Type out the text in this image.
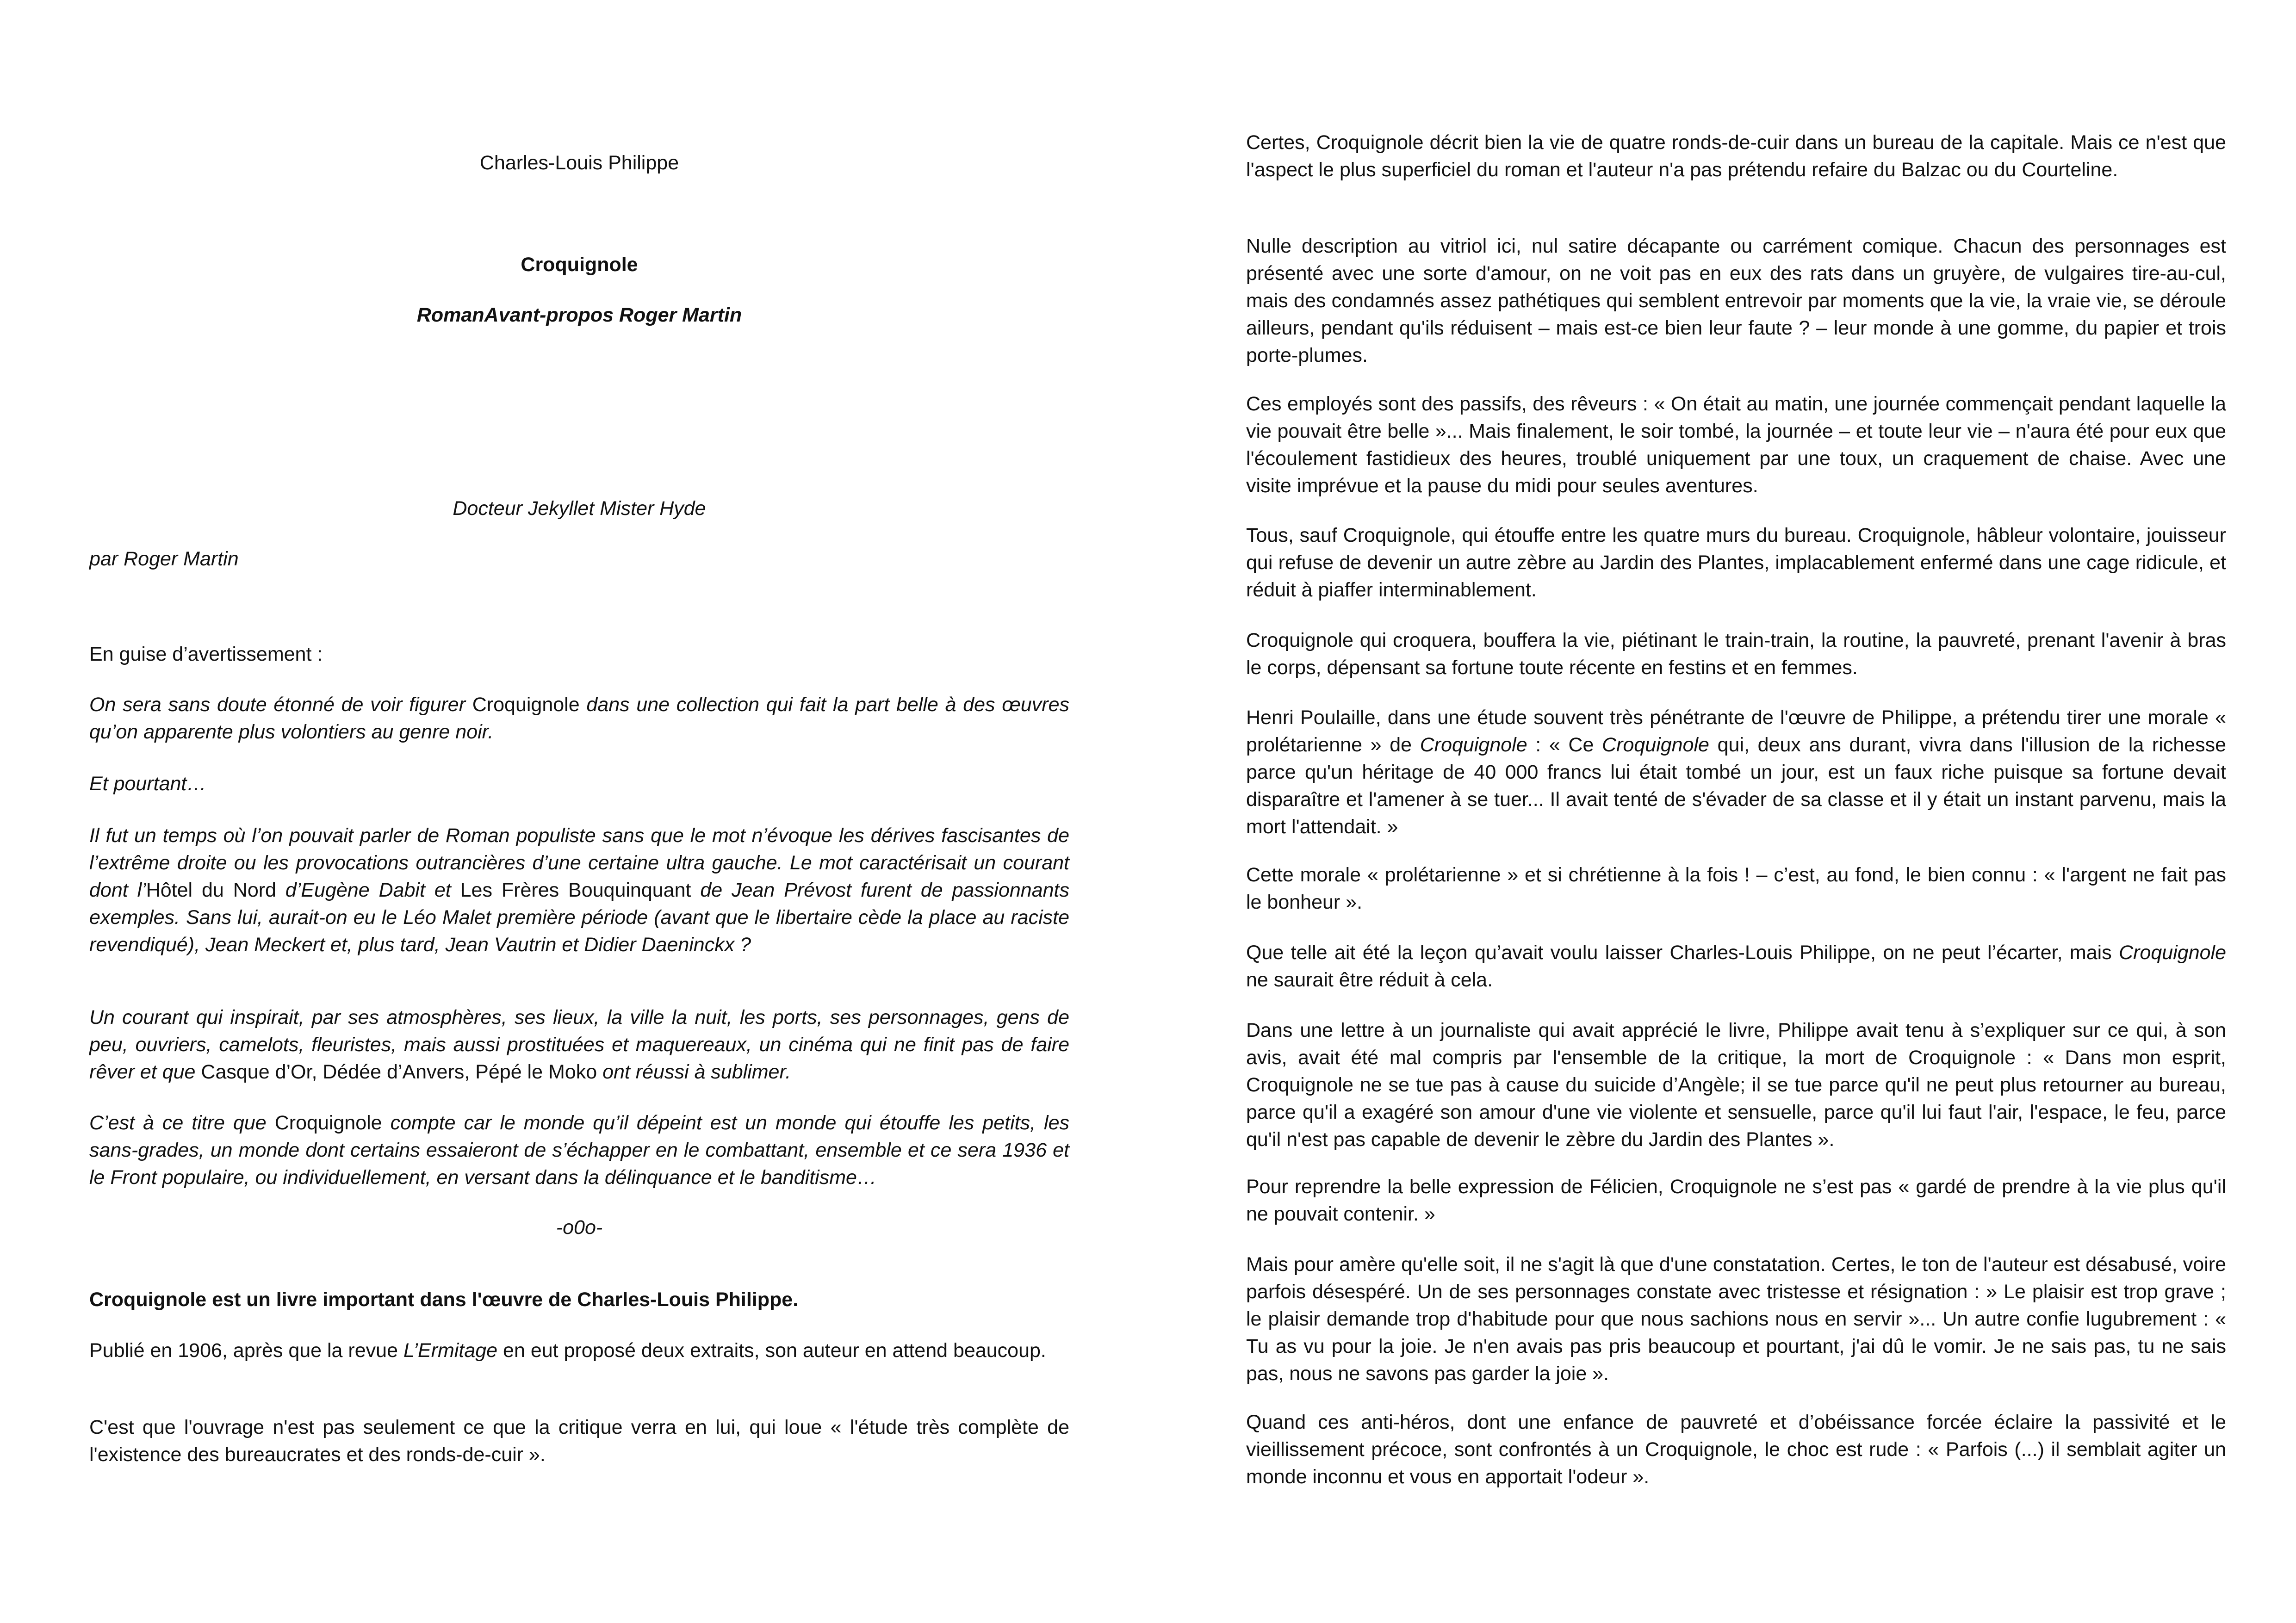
Charles-Louis Philippe

Croquignole

RomanAvant-propos Roger Martin

Docteur Jekyllet Mister Hyde

par Roger Martin

En guise d’avertissement :

On sera sans doute étonné de voir figurer Croquignole dans une collection qui fait la part belle à des œuvres qu’on apparente plus volontiers au genre noir.

Et pourtant…

Il fut un temps où l’on pouvait parler de Roman populiste sans que le mot n’évoque les dérives fascisantes de l’extrême droite ou les provocations outrancières d’une certaine ultra gauche. Le mot caractérisait un courant dont l’Hôtel du Nord d’Eugène Dabit et Les Frères Bouquinquant de Jean Prévost furent de passionnants exemples. Sans lui, aurait-on eu le Léo Malet première période (avant que le libertaire cède la place au raciste revendiqué), Jean Meckert et, plus tard, Jean Vautrin et Didier Daeninckx ?

Un courant qui inspirait, par ses atmosphères, ses lieux, la ville la nuit, les ports, ses personnages, gens de peu, ouvriers, camelots, fleuristes, mais aussi prostituées et maquereaux, un cinéma qui ne finit pas de faire rêver et que Casque d’Or, Dédée d’Anvers, Pépé le Moko ont réussi à sublimer.

C’est à ce titre que Croquignole compte car le monde qu’il dépeint est un monde qui étouffe les petits, les sans-grades, un monde dont certains essaieront de s’échapper en le combattant, ensemble et ce sera 1936 et le Front populaire, ou individuellement, en versant dans la délinquance et le banditisme…

-o0o-

Croquignole est un livre important dans l'œuvre de Charles-Louis Philippe.

Publié en 1906, après que la revue L’Ermitage en eut proposé deux extraits, son auteur en attend beaucoup.

C'est que l'ouvrage n'est pas seulement ce que la critique verra en lui, qui loue « l'étude très complète de l'existence des bureaucrates et des ronds-de-cuir ».

Certes, Croquignole décrit bien la vie de quatre ronds-de-cuir dans un bureau de la capitale. Mais ce n'est que l'aspect le plus superficiel du roman et l'auteur n'a pas prétendu refaire du Balzac ou du Courteline.

Nulle description au vitriol ici, nul satire décapante ou carrément comique. Chacun des personnages est présenté avec une sorte d'amour, on ne voit pas en eux des rats dans un gruyère, de vulgaires tire-au-cul, mais des condamnés assez pathétiques qui semblent entrevoir par moments que la vie, la vraie vie, se déroule ailleurs, pendant qu'ils réduisent – mais est-ce bien leur faute ? – leur monde à une gomme, du papier et trois porte-plumes.

Ces employés sont des passifs, des rêveurs : « On était au matin, une journée commençait pendant laquelle la vie pouvait être belle »... Mais finalement, le soir tombé, la journée – et toute leur vie – n'aura été pour eux que l'écoulement fastidieux des heures, troublé uniquement par une toux, un craquement de chaise. Avec une visite imprévue et la pause du midi pour seules aventures.

Tous, sauf Croquignole, qui étouffe entre les quatre murs du bureau. Croquignole, hâbleur volontaire, jouisseur qui refuse de devenir un autre zèbre au Jardin des Plantes, implacablement enfermé dans une cage ridicule, et réduit à piaffer interminablement.

Croquignole qui croquera, bouffera la vie, piétinant le train-train, la routine, la pauvreté, prenant l'avenir à bras le corps, dépensant sa fortune toute récente en festins et en femmes.

Henri Poulaille, dans une étude souvent très pénétrante de l'œuvre de Philippe, a prétendu tirer une morale « prolétarienne » de Croquignole : « Ce Croquignole qui, deux ans durant, vivra dans l'illusion de la richesse parce qu'un héritage de 40 000 francs lui était tombé un jour, est un faux riche puisque sa fortune devait disparaître et l'amener à se tuer... Il avait tenté de s'évader de sa classe et il y était un instant parvenu, mais la mort l'attendait. »

Cette morale « prolétarienne » et si chrétienne à la fois ! – c’est, au fond, le bien connu : « l'argent ne fait pas le bonheur ».

Que telle ait été la leçon qu’avait voulu laisser Charles-Louis Philippe, on ne peut l’écarter, mais Croquignole ne saurait être réduit à cela.

Dans une lettre à un journaliste qui avait apprécié le livre, Philippe avait tenu à s’expliquer sur ce qui, à son avis, avait été mal compris par l'ensemble de la critique, la mort de Croquignole : « Dans mon esprit, Croquignole ne se tue pas à cause du suicide d’Angèle; il se tue parce qu'il ne peut plus retourner au bureau, parce qu'il a exagéré son amour d'une vie violente et sensuelle, parce qu'il lui faut l'air, l'espace, le feu, parce qu'il n'est pas capable de devenir le zèbre du Jardin des Plantes ».

Pour reprendre la belle expression de Félicien, Croquignole ne s’est pas « gardé de prendre à la vie plus qu'il ne pouvait contenir. »

Mais pour amère qu'elle soit, il ne s'agit là que d'une constatation. Certes, le ton de l'auteur est désabusé, voire parfois désespéré. Un de ses personnages constate avec tristesse et résignation : » Le plaisir est trop grave ; le plaisir demande trop d'habitude pour que nous sachions nous en servir »... Un autre confie lugubrement : « Tu as vu pour la joie. Je n'en avais pas pris beaucoup et pourtant, j'ai dû le vomir. Je ne sais pas, tu ne sais pas, nous ne savons pas garder la joie ».

Quand ces anti-héros, dont une enfance de pauvreté et d’obéissance forcée éclaire la passivité et le vieillissement précoce, sont confrontés à un Croquignole, le choc est rude : « Parfois (...) il semblait agiter un monde inconnu et vous en apportait l'odeur ».
